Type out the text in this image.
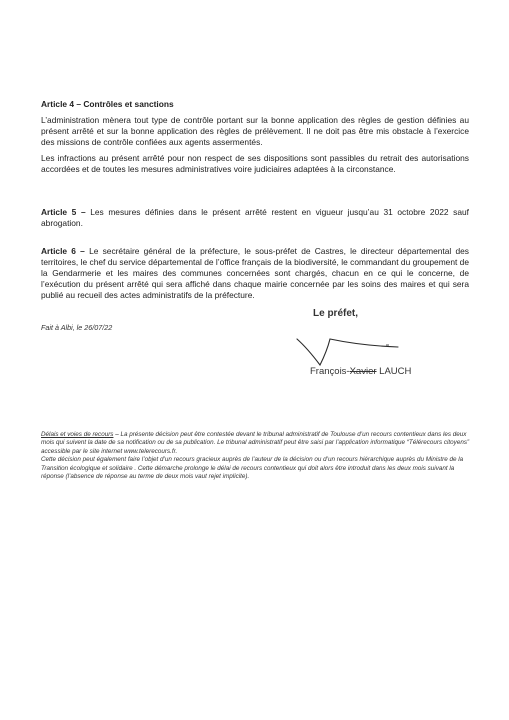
Article 4 – Contrôles et sanctions

L’administration mènera tout type de contrôle portant sur la bonne application des règles de gestion définies au présent arrêté et sur la bonne application des règles de prélèvement. Il ne doit pas être mis obstacle à l’exercice des missions de contrôle confiées aux agents assermentés.

Les infractions au présent arrêté pour non respect de ses dispositions sont passibles du retrait des autorisations accordées et de toutes les mesures administratives voire judiciaires adaptées à la circonstance.

Article 5 – Les mesures définies dans le présent arrêté restent en vigueur jusqu’au 31 octobre 2022 sauf abrogation.

Article 6 – Le secrétaire général de la préfecture, le sous-préfet de Castres, le directeur départemental des territoires, le chef du service départemental de l’office français de la biodiversité, le commandant du groupement de la Gendarmerie et les maires des communes concernées sont chargés, chacun en ce qui le concerne, de l’exécution du présent arrêté qui sera affiché dans chaque mairie concernée par les soins des maires et qui sera publié au recueil des actes administratifs de la préfecture.

Le préfet,
Fait à Albi, le 26/07/22
François-Xavier LAUCH
Délais et voies de recours – La présente décision peut être contestée devant le tribunal administratif de Toulouse d’un recours contentieux dans les deux mois qui suivent la date de sa notification ou de sa publication. Le tribunal administratif peut être saisi par l’application informatique “Télérecours citoyens” accessible par le site internet www.telerecours.fr.
Cette décision peut également faire l’objet d’un recours gracieux auprès de l’auteur de la décision ou d’un recours hiérarchique auprès du Ministre de la Transition écologique et solidaire . Cette démarche prolonge le délai de recours contentieux qui doit alors être introduit dans les deux mois suivant la réponse (l’absence de réponse au terme de deux mois vaut rejet implicite).
